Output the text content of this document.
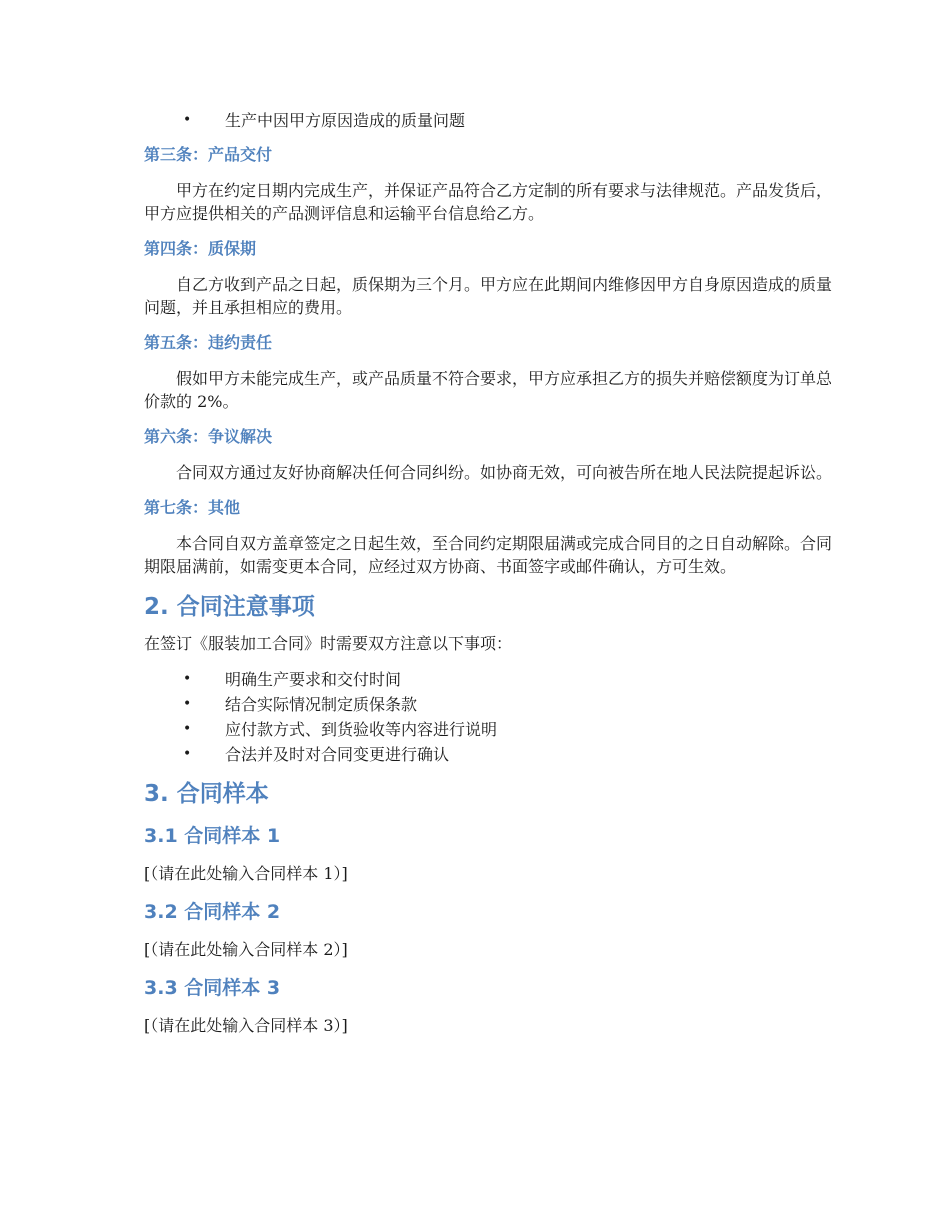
• 生产中因甲方原因造成的质量问题
第三条：产品交付

甲方在约定日期内完成生产，并保证产品符合乙方定制的所有要求与法律规范。产品发货后，甲方应提供相关的产品测评信息和运输平台信息给乙方。

第四条：质保期

自乙方收到产品之日起，质保期为三个月。甲方应在此期间内维修因甲方自身原因造成的质量问题，并且承担相应的费用。

第五条：违约责任

假如甲方未能完成生产，或产品质量不符合要求，甲方应承担乙方的损失并赔偿额度为订单总价款的 2%。

第六条：争议解决

合同双方通过友好协商解决任何合同纠纷。如协商无效，可向被告所在地人民法院提起诉讼。

第七条：其他

本合同自双方盖章签定之日起生效，至合同约定期限届满或完成合同目的之日自动解除。合同期限届满前，如需变更本合同，应经过双方协商、书面签字或邮件确认，方可生效。

2. 合同注意事项

在签订《服装加工合同》时需要双方注意以下事项：

• 明确生产要求和交付时间
• 结合实际情况制定质保条款
• 应付款方式、到货验收等内容进行说明
• 合法并及时对合同变更进行确认
3. 合同样本
3.1 合同样本 1

[（请在此处输入合同样本 1）]

3.2 合同样本 2

[（请在此处输入合同样本 2）]

3.3 合同样本 3

[（请在此处输入合同样本 3）]
